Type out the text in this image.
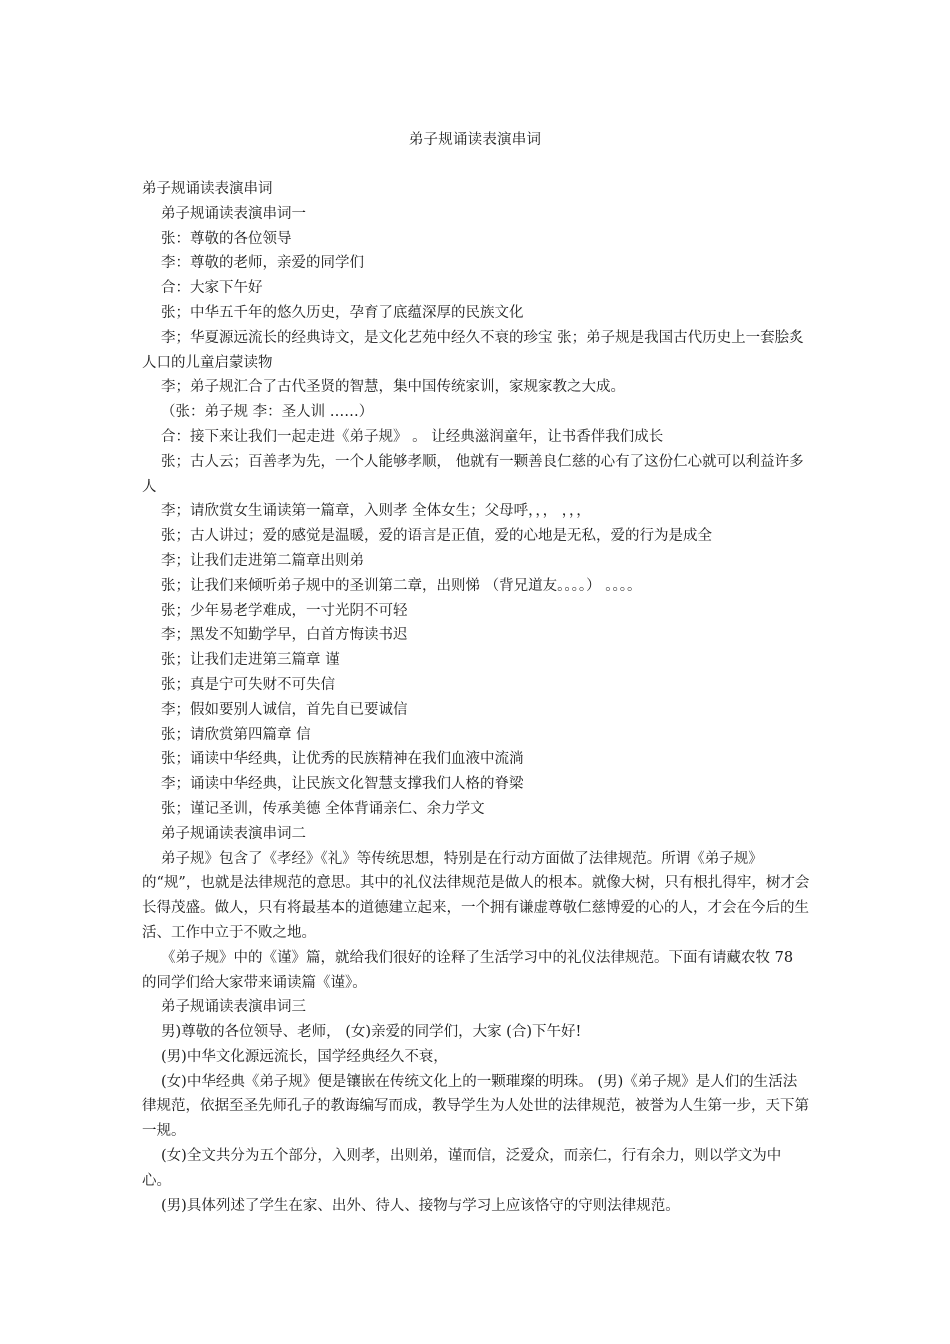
弟子规诵读表演串词

弟子规诵读表演串词

弟子规诵读表演串词一

张：尊敬的各位领导

李：尊敬的老师，亲爱的同学们

合：大家下午好

张；中华五千年的悠久历史，孕育了底蕴深厚的民族文化

李；华夏源远流长的经典诗文，是文化艺苑中经久不衰的珍宝 张；弟子规是我国古代历史上一套脍炙人口的儿童启蒙读物

李；弟子规汇合了古代圣贤的智慧，集中国传统家训，家规家教之大成。

（张：弟子规 李：圣人训 ……）

合：接下来让我们一起走进《弟子规》 。 让经典滋润童年，让书香伴我们成长

张；古人云；百善孝为先，一个人能够孝顺， 他就有一颗善良仁慈的心有了这份仁心就可以利益许多人

李；请欣赏女生诵读第一篇章，入则孝 全体女生；父母呼，，， ，，，

张；古人讲过；爱的感觉是温暖，爱的语言是正值，爱的心地是无私，爱的行为是成全

李；让我们走进第二篇章出则弟

张；让我们来倾听弟子规中的圣训第二章，出则悌 （背兄道友。。。。） 。。。。

张；少年易老学难成，一寸光阴不可轻

李；黑发不知勤学早，白首方悔读书迟

张；让我们走进第三篇章 谨

张；真是宁可失财不可失信

李；假如要别人诚信，首先自已要诚信

张；请欣赏第四篇章 信

张；诵读中华经典，让优秀的民族精神在我们血液中流淌

李；诵读中华经典，让民族文化智慧支撑我们人格的脊梁

张；谨记圣训，传承美德 全体背诵亲仁、余力学文

弟子规诵读表演串词二

弟子规》包含了《孝经》《礼》等传统思想，特别是在行动方面做了法律规范。所谓《弟子规》的“规”，也就是法律规范的意思。其中的礼仪法律规范是做人的根本。就像大树，只有根扎得牢，树才会长得茂盛。做人，只有将最基本的道德建立起来，一个拥有谦虚尊敬仁慈博爱的心的人，才会在今后的生活、工作中立于不败之地。

《弟子规》中的《谨》篇，就给我们很好的诠释了生活学习中的礼仪法律规范。下面有请藏农牧 78 的同学们给大家带来诵读篇《谨》。

弟子规诵读表演串词三

男)尊敬的各位领导、老师， (女)亲爱的同学们，大家 (合)下午好!

(男)中华文化源远流长，国学经典经久不衰，

(女)中华经典《弟子规》便是镶嵌在传统文化上的一颗璀璨的明珠。 (男)《弟子规》是人们的生活法律规范，依据至圣先师孔子的教诲编写而成，教导学生为人处世的法律规范，被誉为人生第一步，天下第一规。

(女)全文共分为五个部分，入则孝，出则弟，谨而信，泛爱众，而亲仁，行有余力，则以学文为中心。

(男)具体列述了学生在家、出外、待人、接物与学习上应该恪守的守则法律规范。
